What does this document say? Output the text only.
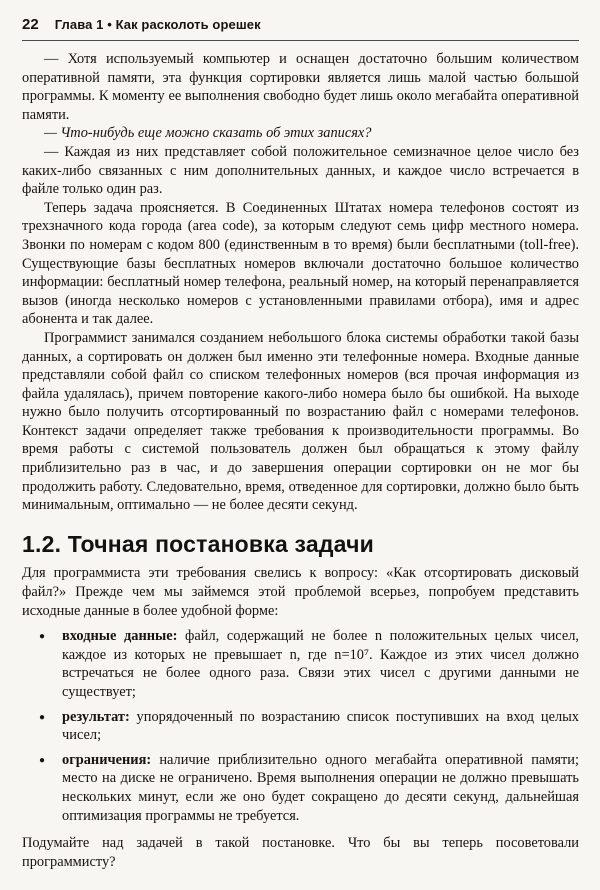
22 Глава 1 • Как расколоть орешек

— Хотя используемый компьютер и оснащен достаточно большим количеством оперативной памяти, эта функция сортировки является лишь малой частью большой программы. К моменту ее выполнения свободно будет лишь около мегабайта оперативной памяти.

— Что-нибудь еще можно сказать об этих записях?

— Каждая из них представляет собой положительное семизначное целое число без каких-либо связанных с ним дополнительных данных, и каждое число встречается в файле только один раз.

Теперь задача проясняется. В Соединенных Штатах номера телефонов состоят из трехзначного кода города (area code), за которым следуют семь цифр местного номера. Звонки по номерам с кодом 800 (единственным в то время) были бесплатными (toll-free). Существующие базы бесплатных номеров включали достаточно большое количество информации: бесплатный номер телефона, реальный номер, на который перенаправляется вызов (иногда несколько номеров с установленными правилами отбора), имя и адрес абонента и так далее.

Программист занимался созданием небольшого блока системы обработки такой базы данных, а сортировать он должен был именно эти телефонные номера. Входные данные представляли собой файл со списком телефонных номеров (вся прочая информация из файла удалялась), причем повторение какого-либо номера было бы ошибкой. На выходе нужно было получить отсортированный по возрастанию файл с номерами телефонов. Контекст задачи определяет также требования к производительности программы. Во время работы с системой пользователь должен был обращаться к этому файлу приблизительно раз в час, и до завершения операции сортировки он не мог бы продолжить работу. Следовательно, время, отведенное для сортировки, должно было быть минимальным, оптимально — не более десяти секунд.

1.2. Точная постановка задачи

Для программиста эти требования свелись к вопросу: «Как отсортировать дисковый файл?» Прежде чем мы займемся этой проблемой всерьез, попробуем представить исходные данные в более удобной форме:

●	входные данные: файл, содержащий не более n положительных целых чисел, каждое из которых не превышает n, где n=10⁷. Каждое из этих чисел должно встречаться не более одного раза. Связи этих чисел с другими данными не существует;
●	результат: упорядоченный по возрастанию список поступивших на вход целых чисел;
●	ограничения: наличие приблизительно одного мегабайта оперативной памяти; место на диске не ограничено. Время выполнения операции не должно превышать нескольких минут, если же оно будет сокращено до десяти секунд, дальнейшая оптимизация программы не требуется.

Подумайте над задачей в такой постановке. Что бы вы теперь посоветовали программисту?
